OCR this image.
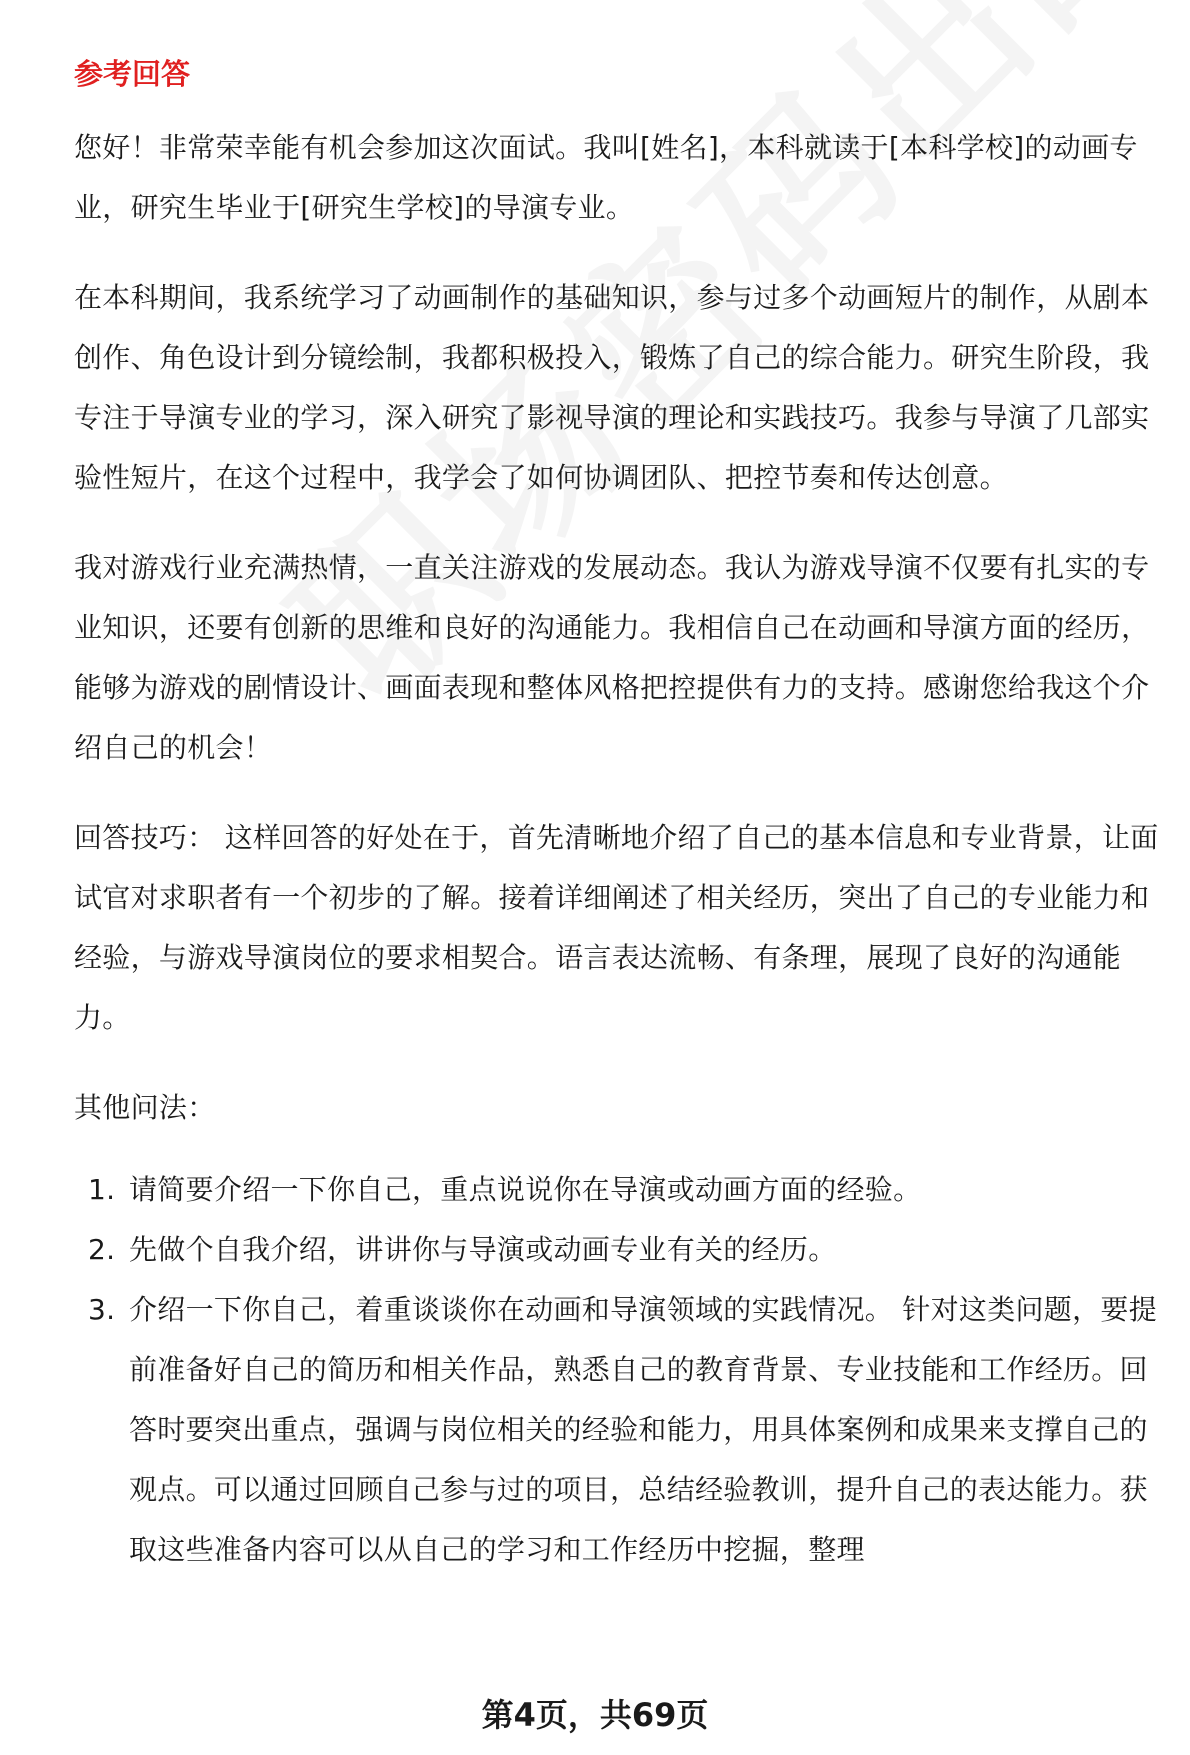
参考回答

您好！非常荣幸能有机会参加这次面试。我叫[姓名]，本科就读于[本科学校]的动画专业，研究生毕业于[研究生学校]的导演专业。

在本科期间，我系统学习了动画制作的基础知识，参与过多个动画短片的制作，从剧本创作、角色设计到分镜绘制，我都积极投入，锻炼了自己的综合能力。研究生阶段，我专注于导演专业的学习，深入研究了影视导演的理论和实践技巧。我参与导演了几部实验性短片，在这个过程中，我学会了如何协调团队、把控节奏和传达创意。

我对游戏行业充满热情，一直关注游戏的发展动态。我认为游戏导演不仅要有扎实的专业知识，还要有创新的思维和良好的沟通能力。我相信自己在动画和导演方面的经历，能够为游戏的剧情设计、画面表现和整体风格把控提供有力的支持。感谢您给我这个介绍自己的机会！

回答技巧： 这样回答的好处在于，首先清晰地介绍了自己的基本信息和专业背景，让面试官对求职者有一个初步的了解。接着详细阐述了相关经历，突出了自己的专业能力和经验，与游戏导演岗位的要求相契合。语言表达流畅、有条理，展现了良好的沟通能力。

其他问法：

1. 请简要介绍一下你自己，重点说说你在导演或动画方面的经验。
2. 先做个自我介绍，讲讲你与导演或动画专业有关的经历。
3. 介绍一下你自己，着重谈谈你在动画和导演领域的实践情况。 针对这类问题，要提前准备好自己的简历和相关作品，熟悉自己的教育背景、专业技能和工作经历。回答时要突出重点，强调与岗位相关的经验和能力，用具体案例和成果来支撑自己的观点。可以通过回顾自己参与过的项目，总结经验教训，提升自己的表达能力。获取这些准备内容可以从自己的学习和工作经历中挖掘，整理
第4页，共69页
